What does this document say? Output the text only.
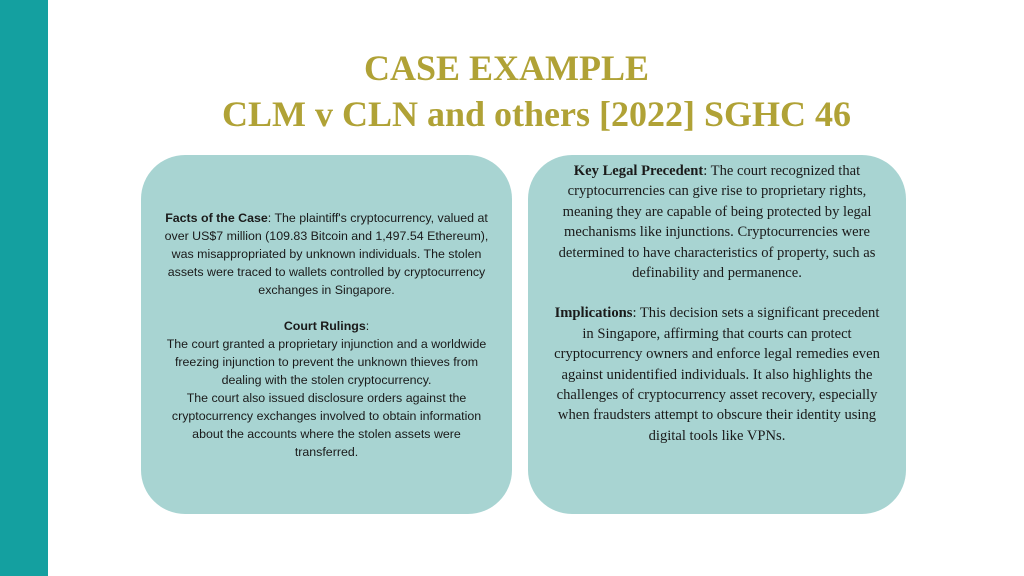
CASE EXAMPLE
CLM v CLN and others [2022] SGHC 46

Facts of the Case: The plaintiff's cryptocurrency, valued at over US$7 million (109.83 Bitcoin and 1,497.54 Ethereum), was misappropriated by unknown individuals. The stolen assets were traced to wallets controlled by cryptocurrency exchanges in Singapore.

Court Rulings:

The court granted a proprietary injunction and a worldwide freezing injunction to prevent the unknown thieves from dealing with the stolen cryptocurrency.

The court also issued disclosure orders against the cryptocurrency exchanges involved to obtain information about the accounts where the stolen assets were transferred.

Key Legal Precedent: The court recognized that cryptocurrencies can give rise to proprietary rights, meaning they are capable of being protected by legal mechanisms like injunctions. Cryptocurrencies were determined to have characteristics of property, such as definability and permanence.

Implications: This decision sets a significant precedent in Singapore, affirming that courts can protect cryptocurrency owners and enforce legal remedies even against unidentified individuals. It also highlights the challenges of cryptocurrency asset recovery, especially when fraudsters attempt to obscure their identity using digital tools like VPNs.
